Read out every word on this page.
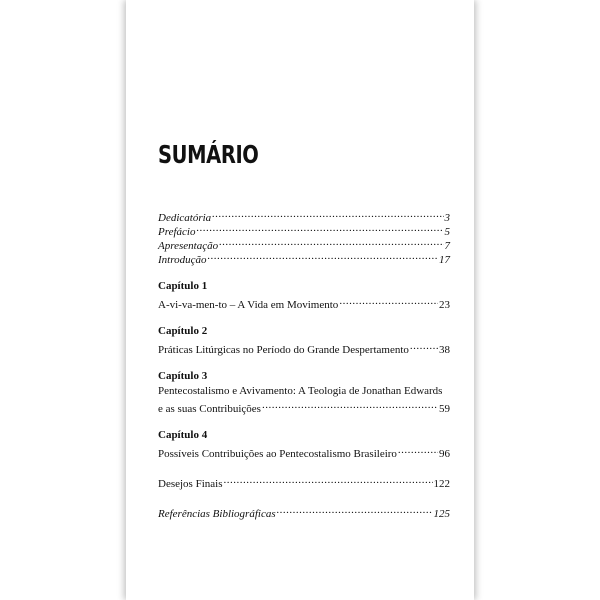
SUMÁRIO
Dedicatória .....	3
Prefácio .....	5
Apresentação .....	7
Introdução .....	17
Capítulo 1
A-vi-va-men-to – A Vida em Movimento .....	23
Capítulo 2
Práticas Litúrgicas no Período do Grande Despertamento .....	38
Capítulo 3
Pentecostalismo e Avivamento: A Teologia de Jonathan Edwards
e as suas Contribuições .....	59
Capítulo 4
Possíveis Contribuições ao Pentecostalismo Brasileiro .....	96
Desejos Finais .....	122
Referências Bibliográficas .....	125
